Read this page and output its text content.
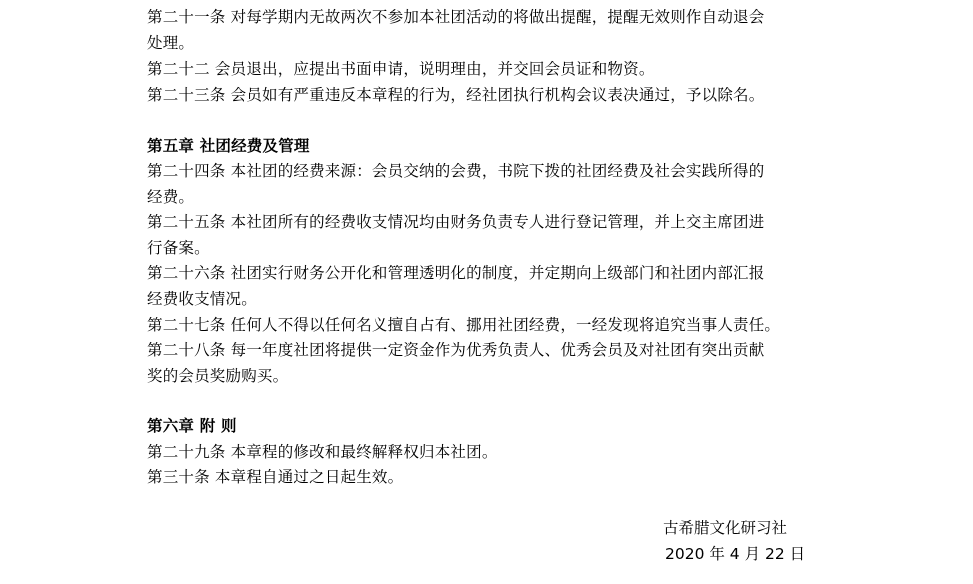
第二十一条 对每学期内无故两次不参加本社团活动的将做出提醒，提醒无效则作自动退会
处理。
第二十二 会员退出，应提出书面申请，说明理由，并交回会员证和物资。
第二十三条 会员如有严重违反本章程的行为，经社团执行机构会议表决通过，予以除名。
第五章 社团经费及管理
第二十四条 本社团的经费来源：会员交纳的会费，书院下拨的社团经费及社会实践所得的
经费。
第二十五条 本社团所有的经费收支情况均由财务负责专人进行登记管理，并上交主席团进
行备案。
第二十六条 社团实行财务公开化和管理透明化的制度，并定期向上级部门和社团内部汇报
经费收支情况。
第二十七条 任何人不得以任何名义擅自占有、挪用社团经费，一经发现将追究当事人责任。
第二十八条 每一年度社团将提供一定资金作为优秀负责人、优秀会员及对社团有突出贡献
奖的会员奖励购买。
第六章 附 则
第二十九条 本章程的修改和最终解释权归本社团。
第三十条 本章程自通过之日起生效。
古希腊文化研习社
2020 年 4 月 22 日
